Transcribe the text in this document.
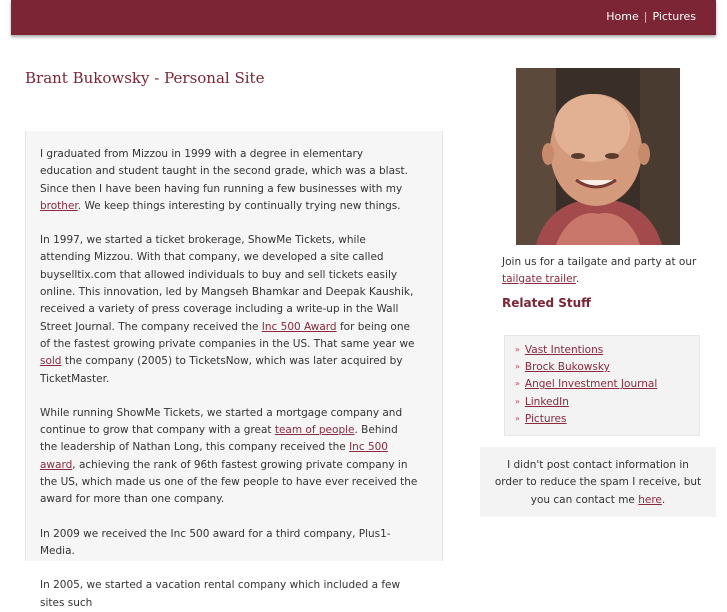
Home | Pictures
Brant Bukowsky - Personal Site

I graduated from Mizzou in 1999 with a degree in elementary education and student taught in the second grade, which was a blast. Since then I have been having fun running a few businesses with my brother. We keep things interesting by continually trying new things.

In 1997, we started a ticket brokerage, ShowMe Tickets, while attending Mizzou. With that company, we developed a site called buyselltix.com that allowed individuals to buy and sell tickets easily online. This innovation, led by Mangseh Bhamkar and Deepak Kaushik, received a variety of press coverage including a write-up in the Wall Street Journal. The company received the Inc 500 Award for being one of the fastest growing private companies in the US. That same year we sold the company (2005) to TicketsNow, which was later acquired by TicketMaster.

While running ShowMe Tickets, we started a mortgage company and continue to grow that company with a great team of people. Behind the leadership of Nathan Long, this company received the Inc 500 award, achieving the rank of 96th fastest growing private company in the US, which made us one of the few people to have ever received the award for more than one company.

In 2009 we received the Inc 500 award for a third company, Plus1-Media.

In 2005, we started a vacation rental company which included a few sites such

Join us for a tailgate and party at our tailgate trailer.
Related Stuff
» Vast Intentions
» Brock Bukowsky
» Angel Investment Journal
» LinkedIn
» Pictures
I didn't post contact information in order to reduce the spam I receive, but you can contact me here.
